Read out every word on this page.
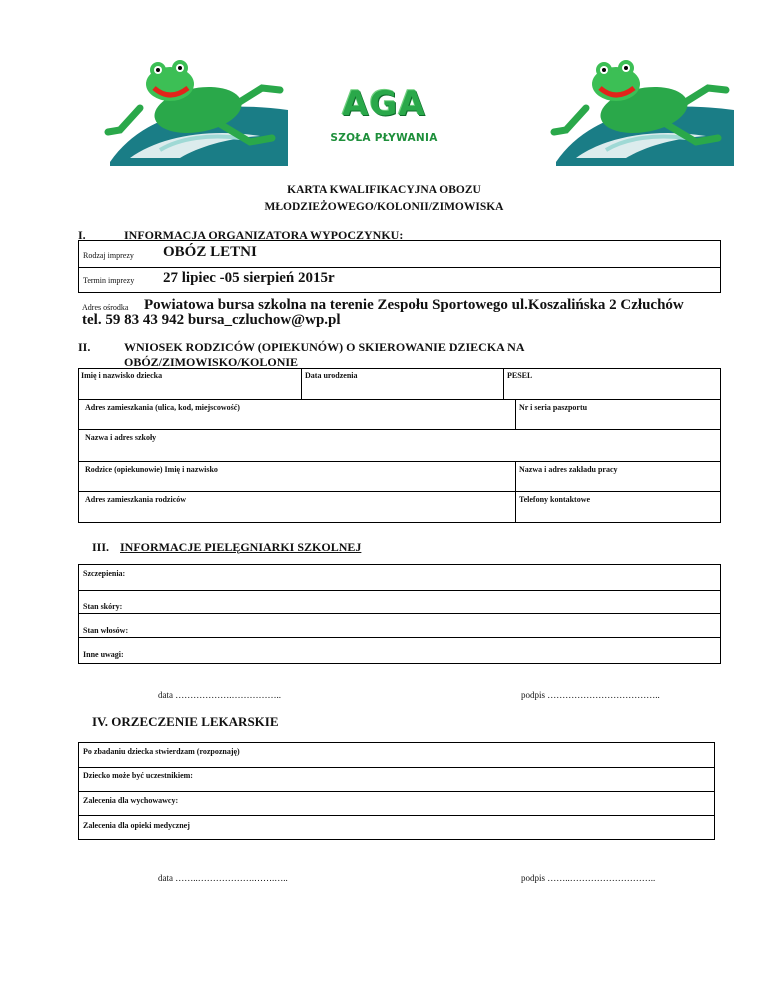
AGA
SZOŁA PŁYWANIA
KARTA KWALIFIKACYJNA OBOZU
MŁODZIEŻOWEGO/KOLONII/ZIMOWISKA
I.	INFORMACJA ORGANIZATORA WYPOCZYNKU:
Rodzaj imprezy OBÓZ LETNI
Termin imprezy 27 lipiec -05 sierpień 2015r
Adres ośrodka Powiatowa bursa szkolna na terenie Zespołu Sportowego ul.Koszalińska 2 Człuchów
tel. 59 83 43 942 bursa_czluchow@wp.pl
II.	WNIOSEK RODZICÓW (OPIEKUNÓW) O SKIEROWANIE DZIECKA NA
OBÓZ/ZIMOWISKO/KOLONIE
Imię i nazwisko dziecka	Data urodzenia	PESEL
Adres zamieszkania (ulica, kod, miejscowość)	Nr i seria paszportu
Nazwa i adres szkoły
Rodzice (opiekunowie) Imię i nazwisko	Nazwa i adres zakładu pracy
Adres zamieszkania rodziców	Telefony kontaktowe
III. INFORMACJE PIELĘGNIARKI SZKOLNEJ
Szczepienia:
Stan skóry:
Stan włosów:
Inne uwagi:
data ……………….……………..	podpis ………………………………..
IV. ORZECZENIE LEKARSKIE
Po zbadaniu dziecka stwierdzam (rozpoznaję)
Dziecko może być uczestnikiem:
Zalecenia dla wychowawcy:
Zalecenia dla opieki medycznej
data ……..……………….…….…..	podpis ……..………………………..
